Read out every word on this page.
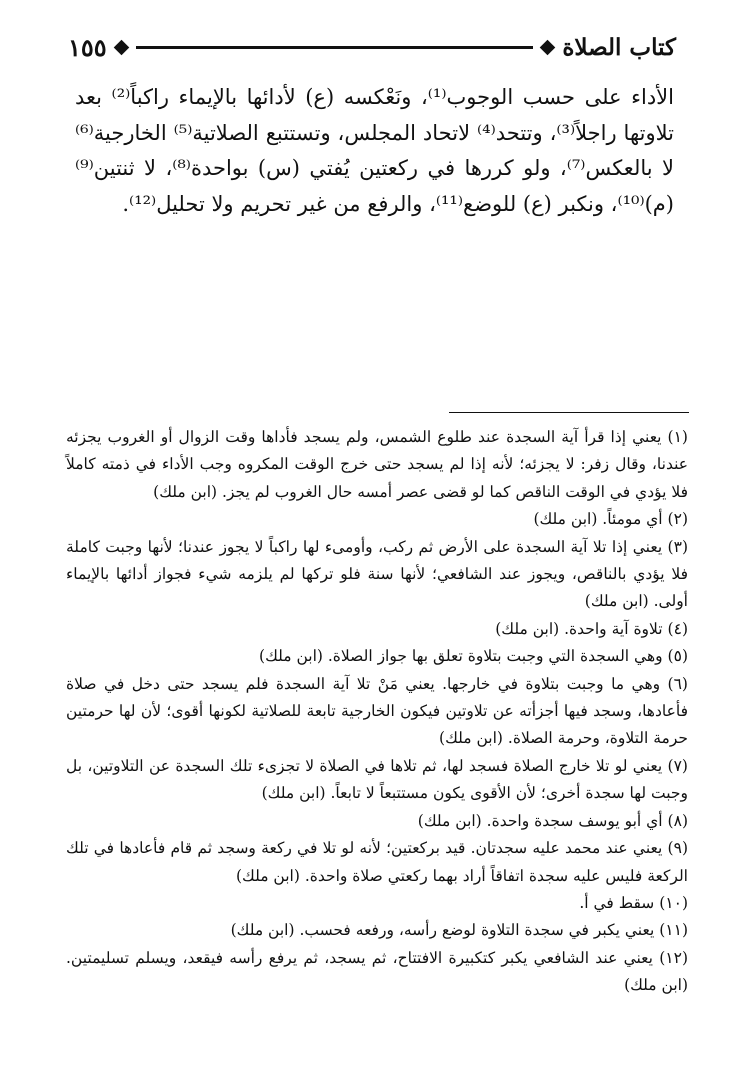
كتاب الصلاة
١٥٥

الأداء على حسب الوجوب⁽¹⁾، ونَعْكسه (ع) لأدائها بالإيماء راكباً⁽²⁾ بعد تلاوتها راجلاً⁽³⁾، وتتحد⁽⁴⁾ لاتحاد المجلس، وتستتبع الصلاتية⁽⁵⁾ الخارجية⁽⁶⁾ لا بالعكس⁽⁷⁾، ولو كررها في ركعتين يُفتي (س) بواحدة⁽⁸⁾، لا ثنتين⁽⁹⁾ (م)⁽¹⁰⁾، ونكبر (ع) للوضع⁽¹¹⁾، والرفع من غير تحريم ولا تحليل⁽¹²⁾.

(١) يعني إذا قرأ آية السجدة عند طلوع الشمس، ولم يسجد فأداها وقت الزوال أو الغروب يجزئه عندنا، وقال زفر: لا يجزئه؛ لأنه إذا لم يسجد حتى خرج الوقت المكروه وجب الأداء في ذمته كاملاً فلا يؤدي في الوقت الناقص كما لو قضى عصر أمسه حال الغروب لم يجز. (ابن ملك)

(٢) أي مومئاً. (ابن ملك)

(٣) يعني إذا تلا آية السجدة على الأرض ثم ركب، وأومىء لها راكباً لا يجوز عندنا؛ لأنها وجبت كاملة فلا يؤدي بالناقص، ويجوز عند الشافعي؛ لأنها سنة فلو تركها لم يلزمه شيء فجواز أدائها بالإيماء أولى. (ابن ملك)

(٤) تلاوة آية واحدة. (ابن ملك)

(٥) وهي السجدة التي وجبت بتلاوة تعلق بها جواز الصلاة. (ابن ملك)

(٦) وهي ما وجبت بتلاوة في خارجها. يعني مَنْ تلا آية السجدة فلم يسجد حتى دخل في صلاة فأعادها، وسجد فيها أجزأته عن تلاوتين فيكون الخارجية تابعة للصلاتية لكونها أقوى؛ لأن لها حرمتين حرمة التلاوة، وحرمة الصلاة. (ابن ملك)

(٧) يعني لو تلا خارج الصلاة فسجد لها، ثم تلاها في الصلاة لا تجزىء تلك السجدة عن التلاوتين، بل وجبت لها سجدة أخرى؛ لأن الأقوى يكون مستتبعاً لا تابعاً. (ابن ملك)

(٨) أي أبو يوسف سجدة واحدة. (ابن ملك)

(٩) يعني عند محمد عليه سجدتان. قيد بركعتين؛ لأنه لو تلا في ركعة وسجد ثم قام فأعادها في تلك الركعة فليس عليه سجدة اتفاقاً أراد بهما ركعتي صلاة واحدة. (ابن ملك)

(١٠) سقط في أ.

(١١) يعني يكبر في سجدة التلاوة لوضع رأسه، ورفعه فحسب. (ابن ملك)

(١٢) يعني عند الشافعي يكبر كتكبيرة الافتتاح، ثم يسجد، ثم يرفع رأسه فيقعد، ويسلم تسليمتين. (ابن ملك)
